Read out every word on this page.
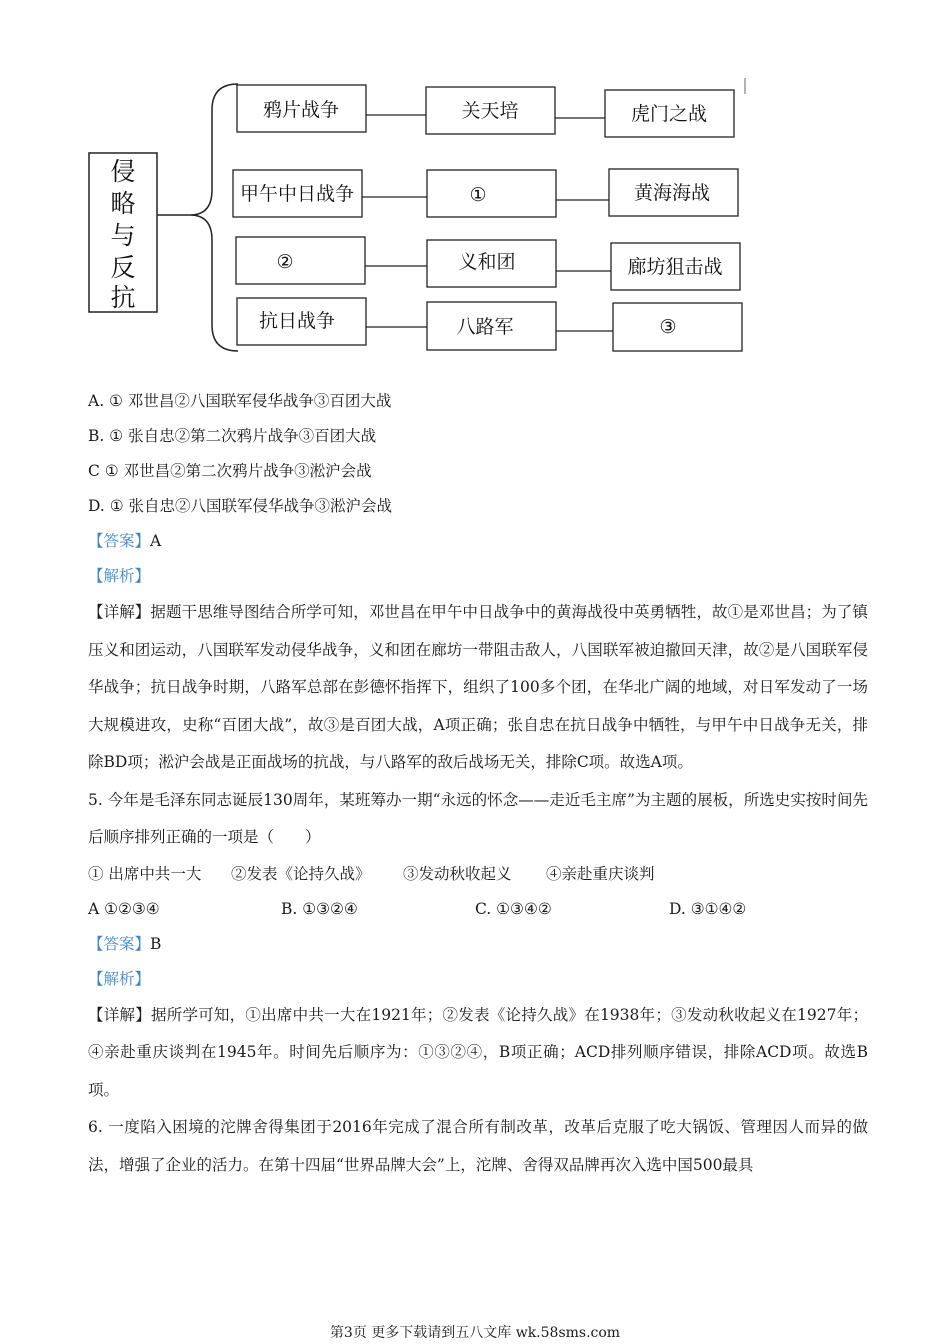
侵
略
与
反
抗
鸦片战争	关天培	虎门之战
甲午中日战争	①	黄海海战
②	义和团	廊坊狙击战
抗日战争	八路军	③

A. ① 邓世昌②八国联军侵华战争③百团大战

B. ① 张自忠②第二次鸦片战争③百团大战

C ① 邓世昌②第二次鸦片战争③淞沪会战

D. ① 张自忠②八国联军侵华战争③淞沪会战

【答案】A

【解析】

【详解】据题干思维导图结合所学可知，邓世昌在甲午中日战争中的黄海战役中英勇牺牲，故①是邓世昌；为了镇压义和团运动，八国联军发动侵华战争，义和团在廊坊一带阻击敌人，八国联军被迫撤回天津，故②是八国联军侵华战争；抗日战争时期，八路军总部在彭德怀指挥下，组织了100多个团，在华北广阔的地域，对日军发动了一场大规模进攻，史称“百团大战”，故③是百团大战，A项正确；张自忠在抗日战争中牺牲，与甲午中日战争无关，排除BD项；淞沪会战是正面战场的抗战，与八路军的敌后战场无关，排除C项。故选A项。

5. 今年是毛泽东同志诞辰130周年，某班筹办一期“永远的怀念——走近毛主席”为主题的展板，所选史实按时间先后顺序排列正确的一项是（　　）

① 出席中共一大	②发表《论持久战》	③发动秋收起义	④亲赴重庆谈判

A ①②③④	B. ①③②④	C. ①③④②	D. ③①④②

【答案】B

【解析】

【详解】据所学可知，①出席中共一大在1921年；②发表《论持久战》在1938年；③发动秋收起义在1927年；④亲赴重庆谈判在1945年。时间先后顺序为：①③②④，B项正确；ACD排列顺序错误，排除ACD项。故选B项。

6. 一度陷入困境的沱牌舍得集团于2016年完成了混合所有制改革，改革后克服了吃大锅饭、管理因人而异的做法，增强了企业的活力。在第十四届“世界品牌大会”上，沱牌、舍得双品牌再次入选中国500最具

第3页 更多下载请到五八文库 wk.58sms.com
